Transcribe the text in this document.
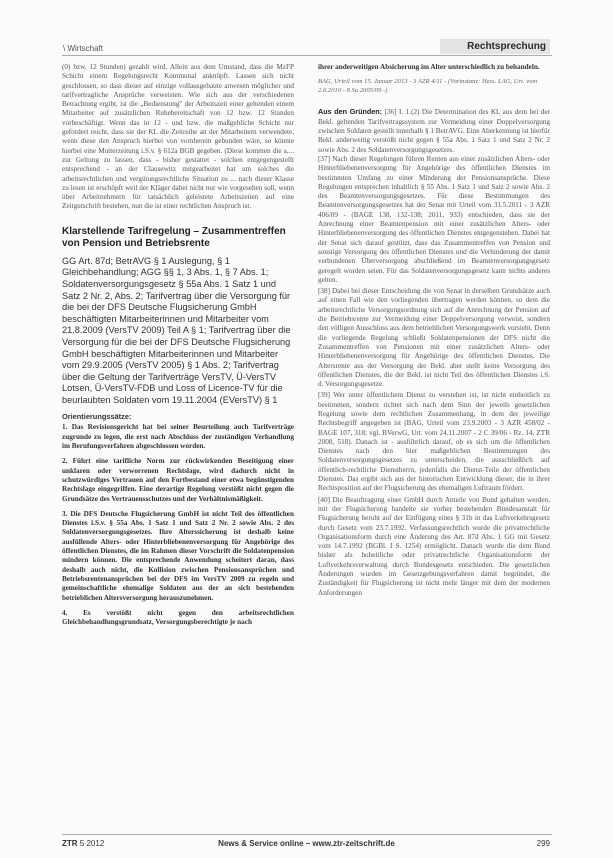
\ Wirtschaft	Rechtsprechung

(0) bzw. 12 Stunden) gezahlt wird. Allein aus dem Umstand, dass die MzFP Schicht einem Regelungsrecht Kommunal anknüpft. Lassen sich nicht geschlossen, so dass dieser auf einzige vollausgebaute anwesen möglicher und tarifvertragliche Ansprüche verweisten. Wie sich aus der verschiedenen Betrachtung ergibt, ist die „Bedienstung" der Arbeitszeit einer geltenden einem Mitarbeiter auf zusätzlichen Ruhebereitschaft von 12 bzw. 12 Stunden vorbeschäftigt. Wenn das in 12 - und bzw. die maßgebliche Schicht nur gefordert reicht, dass sie der KL die Zeitreihe an der Mitarbeitern verwendete, wenn diese den Anspruch hierbei von vornherein gebunden wäre, so könnte hierbei eine Mutterzeitung i.S.v. § 612a BGB gegeben. (Diese kommen die a.... zur Geltung zu lassen, dass - bisher gestattet - solchen entgegengestellt entsprechend - an der Clausewitz mitgearbeitet hat um solches die arbeitsrechtlichen und vergütungsrechtliche Situation zu ... nach dieser Klasse zu lesen ist erschöpft weil der Kläger dabei nicht nur wie vorgesehen soll, wenn über Arbeitnehmern für tatsächlich geleistete Arbeitszeiten auf eine Zeitgutschrift bestehen, nun die ist einer rechtlichen Anspruch ist.

Klarstellende Tarifregelung – Zusammentreffen von Pension und Betriebsrente
GG Art. 87d; BetrAVG § 1 Auslegung, § 1 Gleichbehandlung; AGG §§ 1, 3 Abs. 1, § 7 Abs. 1; Soldatenversorgungsgesetz § 55a Abs. 1 Satz 1 und Satz 2 Nr. 2, Abs. 2; Tarifvertrag über die Versorgung für die bei der DFS Deutsche Flugsicherung GmbH beschäftigten Mitarbeiterinnen und Mitarbeiter vom 21.8.2009 (VersTV 2009) Teil A § 1; Tarifvertrag über die Versorgung für die bei der DFS Deutsche Flugsicherung GmbH beschäftigten Mitarbeiterinnen und Mitarbeiter vom 29.9.2005 (VersTV 2005) § 1 Abs. 2; Tarifvertrag über die Geltung der Tarifverträge VersTV, Ü-VersTV Lotsen, Ü-VersTV-FDB und Loss of Licence-TV für die beurlaubten Soldaten vom 19.11.2004 (EVersTV) § 1
Orientierungssätze:

1. Das Revisionsgericht hat bei seiner Beurteilung auch Tarifverträge zugrunde zu legen, die erst nach Abschluss der zuständigen Verhandlung im Berufungsverfahren abgeschlossen worden.

2. Führt eine tarifliche Norm zur rückwirkenden Beseitigung einer unklaren oder verworrenen Rechtslage, wird dadurch nicht in schutzwürdiges Vertrauen auf den Fortbestand einer etwa begünstigenden Rechtslage eingegriffen. Eine derartige Regelung verstößt nicht gegen die Grundsätze des Vertrauensschutzes und der Verhältnismäßigkeit.

3. Die DFS Deutsche Flugsicherung GmbH ist nicht Teil des öffentlichen Dienstes i.S.v. § 55a Abs. 1 Satz 1 und Satz 2 Nr. 2 sowie Abs. 2 des Soldatenversorgungsgesetzes. Ihre Alterssicherung ist deshalb keine ausfüllende Alters- oder Hinterbliebenenversorgung für Angehörige des öffentlichen Dienstes, die im Rahmen dieser Vorschrift die Soldatenpension mindern können. Die entsprechende Anwendung scheitert daran, dass deshalb auch nicht, die Kollision zwischen Pensionsansprüchen und Betriebsrentenansprüchen bei der DFS im VersTV 2009 zu regeln und gemeinschaftliche ehemalige Soldaten aus der an sich bestehenden betrieblichen Altersversorgung herauszunehmen.

4. Es verstößt nicht gegen den arbeitsrechtlichen Gleichbehandlungsgrundsatz, Versorgungsberechtigte je nach

ihrer anderweitigen Absicherung im Alter unterschiedlich zu behandeln.

BAG, Urteil vom 15. Januar 2013 - 3 AZR 4/11 - (Vorinstanz: Hess. LAG, Urt. vom 2.6.2010 - 8 Sa 2005/09 -)

Aus den Gründen: [36] I. 1.(2) Die Determination des KL aus dem bei der Bekl. geltenden Tarifvertragssystem zur Vermeidung einer Doppelversorgung zwischen Soldaten gestellt innerhalb § 1 BetrAVG. Eine Aberkennung ist hierfür Bekl. anderweitig verstößt nicht gegen § 55a Abs. 1 Satz 1 und Satz 2 Nr. 2 sowie Abs. 2 des Soldatenversorgungsgesetzes.

[37] Nach dieser Regelungen führen Renten aus einer zusätzlichen Alters- oder Hinterbliebenenversorgung für Angehörige des öffentlichen Dienstes im bestimmten Umfang zu einer Minderung der Pensionsansprüche. Diese Regelungen entsprechen inhaltlich § 55 Abs. 1 Satz 1 und Satz 2 sowie Abs. 2 des Beamtenversorgungsgesetzes. Für diese Bestimmungen des Beamtenversorgungsgesetzes hat der Senat mit Urteil vom 31.5.2011 - 3 AZR 406/09 - (BAGE 138, 132-138; 2011, 933) entschieden, dass sie der Anrechnung einer Beamtenpension mit einer zusätzlichen Alters- oder Hinterbliebenenversorgung des öffentlichen Dienstes entgegenstehen. Dabei hat der Senat sich darauf gestützt, dass das Zusammentreffen von Pension und sonstige Versorgung des öffentlichen Dienstes und die Verhinderung der damit verbundenen Überversorgung abschließend im Beamtenversorgungsgesetz geregelt worden seien. Für das Soldatenversorgungsgesetz kann nichts anderes gelten.

[38] Dabei bei dieser Entscheidung die von Senat in derselben Grundsätze auch auf einen Fall wie den vorliegenden übertragen werden können, so dem die arbeitsrechtliche Versorgungsordnung sich auf die Anrechnung der Pension auf die Betriebsrente zur Vermeidung einer Doppelversorgung verweist, sondern den völligen Ausschluss aus dem betrieblichen Versorgungswerk vorsieht. Denn die vorliegende Regelung schließt Soldatenpensionen der DFS nicht die Zusammentreffen von Pensionen mit einer zusätzlichen Alters- oder Hinterbliebenenversorgung für Angehörige des öffentlichen Dienstes. Die Altersrente aus der Versorgung der Bekl. aber stellt keine Versorgung des öffentlichen Dienstes, die der Bekl. ist nicht Teil des öffentlichen Dienstes i.S. d. Versorgungsgesetze.

[39] Wer unter öffentlichem Dienst zu verstehen ist, ist nicht einheitlich zu bestimmen, sondern richtet sich nach dem Sinn der jeweils gesetzlichen Regelung sowie dem rechtlichen Zusammenhang, in dem der jeweilige Rechtsbegriff angegeben ist (BAG, Urteil vom 23.9.2003 - 3 AZR 458/02 - BAGE 107, 318; vgl. BVerwG, Urt. vom 24.11.2007 - 2 C 39/06 - Rz. 14, ZTR 2008, 518). Danach ist - ausführlich darauf, ob es sich um die öffentlichen Dienstes nach den hier maßgeblichen Bestimmungen des Soldatenversorgungsgesetzes zu unterscheiden, die ausschließlich auf öffentlich-rechtliche Dienstherrn, jedenfalls die Dienst-Teile der öffentlichen Dienstes. Das ergibt sich aus der historischen Entwicklung dieser, die in ihrer Rechtsposition auf der Flugsicherung des ehemaligen Luftraum fördert.

[40] Die Beauftragung einer GmbH durch Anteile von Bund gehalten werden, mit der Flugsicherung handelte sie vorher bestehenden Bundesanstalt für Flugsicherung beruht auf der Einfügung eines § 31b in das Luftverkehrsgesetz durch Gesetz vom 23.7.1992. Verfassungsrechtlich wurde die privatrechtliche Organisationsform durch eine Änderung des Art. 87d Abs. 1 GG mit Gesetz vom 14.7.1992 (BGBl. I S. 1254) ermöglicht. Danach wurde die dem Bund bisher als hoheitliche oder privatrechtliche Organisationsform der Luftverkehrsverwaltung durch Bundesgesetz entschieden. Die gesetzlichen Änderungen wurden im Gesetzgebungsverfahren damit begründet, die Zuständigkeit für Flugsicherung ist nicht mehr länger mit dem der modernen Anforderungen

ZTR 5 2012	News & Service online – www.ztr-zeitschrift.de	299
